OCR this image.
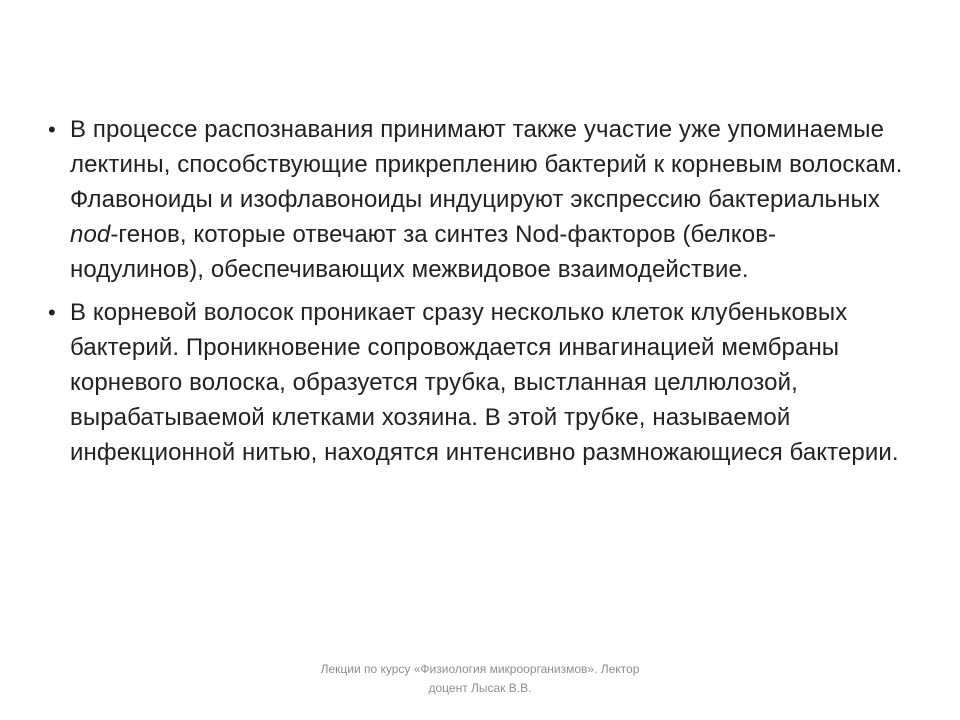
• В процессе распознавания принимают также участие уже упоминаемые лектины, способствующие прикреплению бактерий к корневым волоскам. Флавоноиды и изофлавоноиды индуцируют экспрессию бактериальных nod-генов, которые отвечают за синтез Nod-факторов (белков-нодулинов), обеспечивающих межвидовое взаимодействие.
• В корневой волосок проникает сразу несколько клеток клубеньковых бактерий. Проникновение сопровождается инвагинацией мембраны корневого волоска, образуется трубка, выстланная целлюлозой, вырабатываемой клетками хозяина. В этой трубке, называемой инфекционной нитью, находятся интенсивно размножающиеся бактерии.
Лекции по курсу «Физиология микроорганизмов». Лектор доцент Лысак В.В.
